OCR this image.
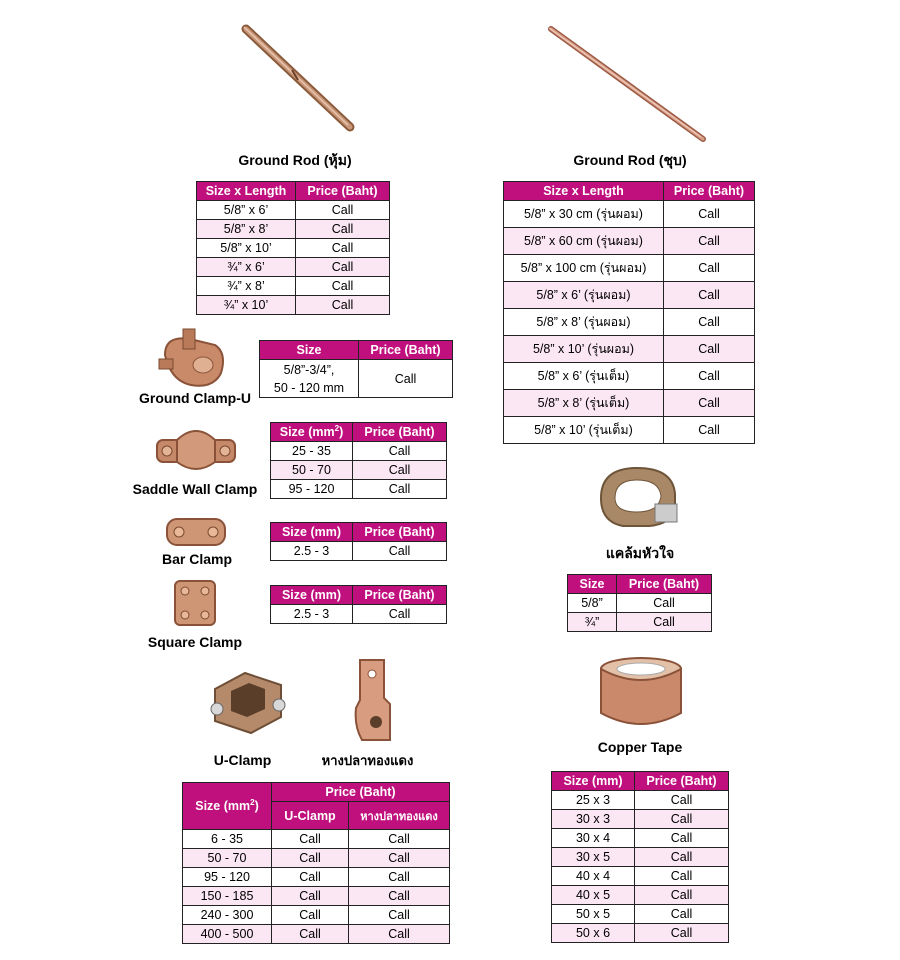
Ground Rod (หุ้ม)	Ground Rod (ชุบ)
Size x Length	Price (Baht)
5/8” x 6’	Call
5/8” x 8’	Call
5/8” x 10’	Call
¾” x 6’	Call
¾” x 8’	Call
¾” x 10’	Call
Size x Length	Price (Baht)
5/8” x 30 cm (รุ่นผอม)	Call
5/8” x 60 cm (รุ่นผอม)	Call
5/8” x 100 cm (รุ่นผอม)	Call
5/8” x 6’ (รุ่นผอม)	Call
5/8” x 8’ (รุ่นผอม)	Call
5/8” x 10’ (รุ่นผอม)	Call
5/8” x 6’ (รุ่นเต็ม)	Call
5/8” x 8’ (รุ่นเต็ม)	Call
5/8” x 10’ (รุ่นเต็ม)	Call
Ground Clamp-U
Size	Price (Baht)

5/8”-3/4”,
50 - 120 mm	Call
Saddle Wall Clamp
Size $(mm^2)$	Price (Baht)
25 - 35	Call
50 - 70	Call
95 - 120	Call
Bar Clamp
Size (mm)	Price (Baht)
2.5 - 3	Call
Square Clamp
Size (mm)	Price (Baht)
2.5 - 3	Call
U-Clamp	หางปลาทองแดง
Size $(mm^2)$	Price (Baht)	
	U-Clamp	หางปลาทองแดง
6 - 35	Call	Call
50 - 70	Call	Call
95 - 120	Call	Call
150 - 185	Call	Call
240 - 300	Call	Call
400 - 500	Call	Call
แคล้มหัวใจ
Size	Price (Baht)
5/8”	Call
¾”	Call
Copper Tape
Size (mm)	Price (Baht)
25 x 3	Call
30 x 3	Call
30 x 4	Call
30 x 5	Call
40 x 4	Call
40 x 5	Call
50 x 5	Call
50 x 6	Call
